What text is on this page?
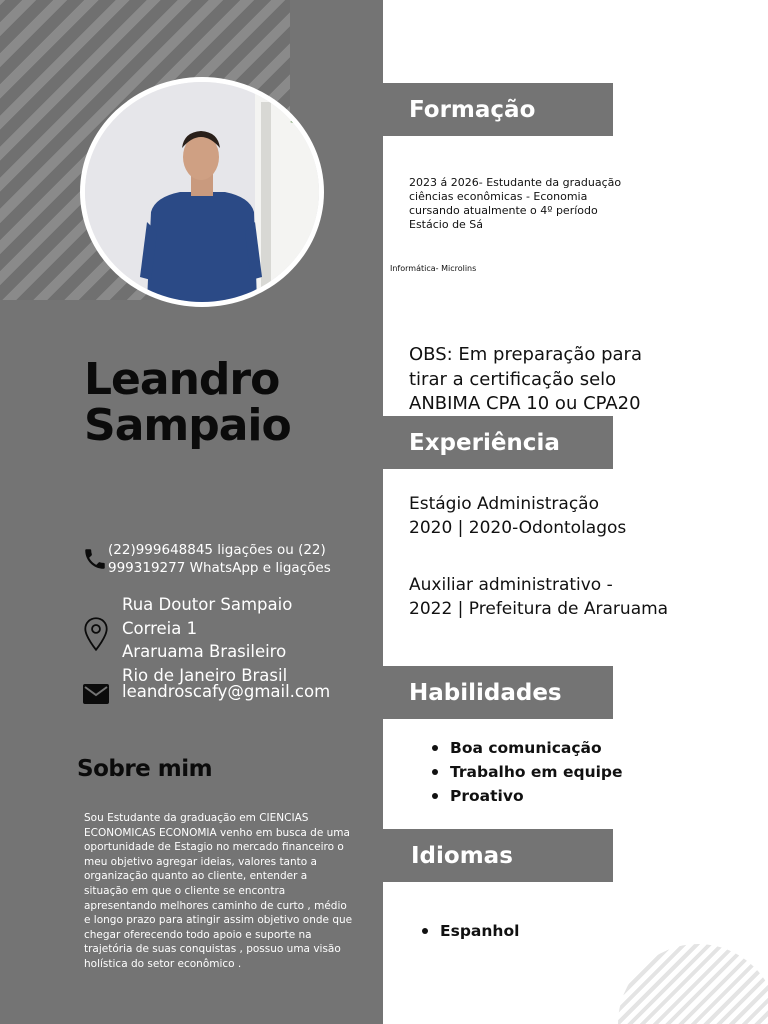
Leandro
Sampaio
(22)999648845 ligações ou (22)
999319277 WhatsApp e ligações
Rua Doutor Sampaio
Correia 1
Araruama Brasileiro
Rio de Janeiro Brasil
leandroscafy@gmail.com
Sobre mim
Sou Estudante da graduação em CIENCIAS
ECONOMICAS ECONOMIA venho em busca de uma
oportunidade de Estagio no mercado financeiro o
meu objetivo agregar ideias, valores tanto a
organização quanto ao cliente, entender a
situação em que o cliente se encontra
apresentando melhores caminho de curto , médio
e longo prazo para atingir assim objetivo onde que
chegar oferecendo todo apoio e suporte na
trajetória de suas conquistas , possuo uma visão
holística do setor econômico .
Formação
2023 á 2026- Estudante da graduação
ciências econômicas - Economia
cursando atualmente o 4º período
Estácio de Sá
Informática- Microlins
OBS: Em preparação para
tirar a certificação selo
ANBIMA CPA 10 ou CPA20
Experiência
Estágio Administração
2020 | 2020-Odontolagos
Auxiliar administrativo -
2022 | Prefeitura de Araruama
Habilidades
Boa comunicação
Trabalho em equipe
Proativo
Idiomas
Espanhol
